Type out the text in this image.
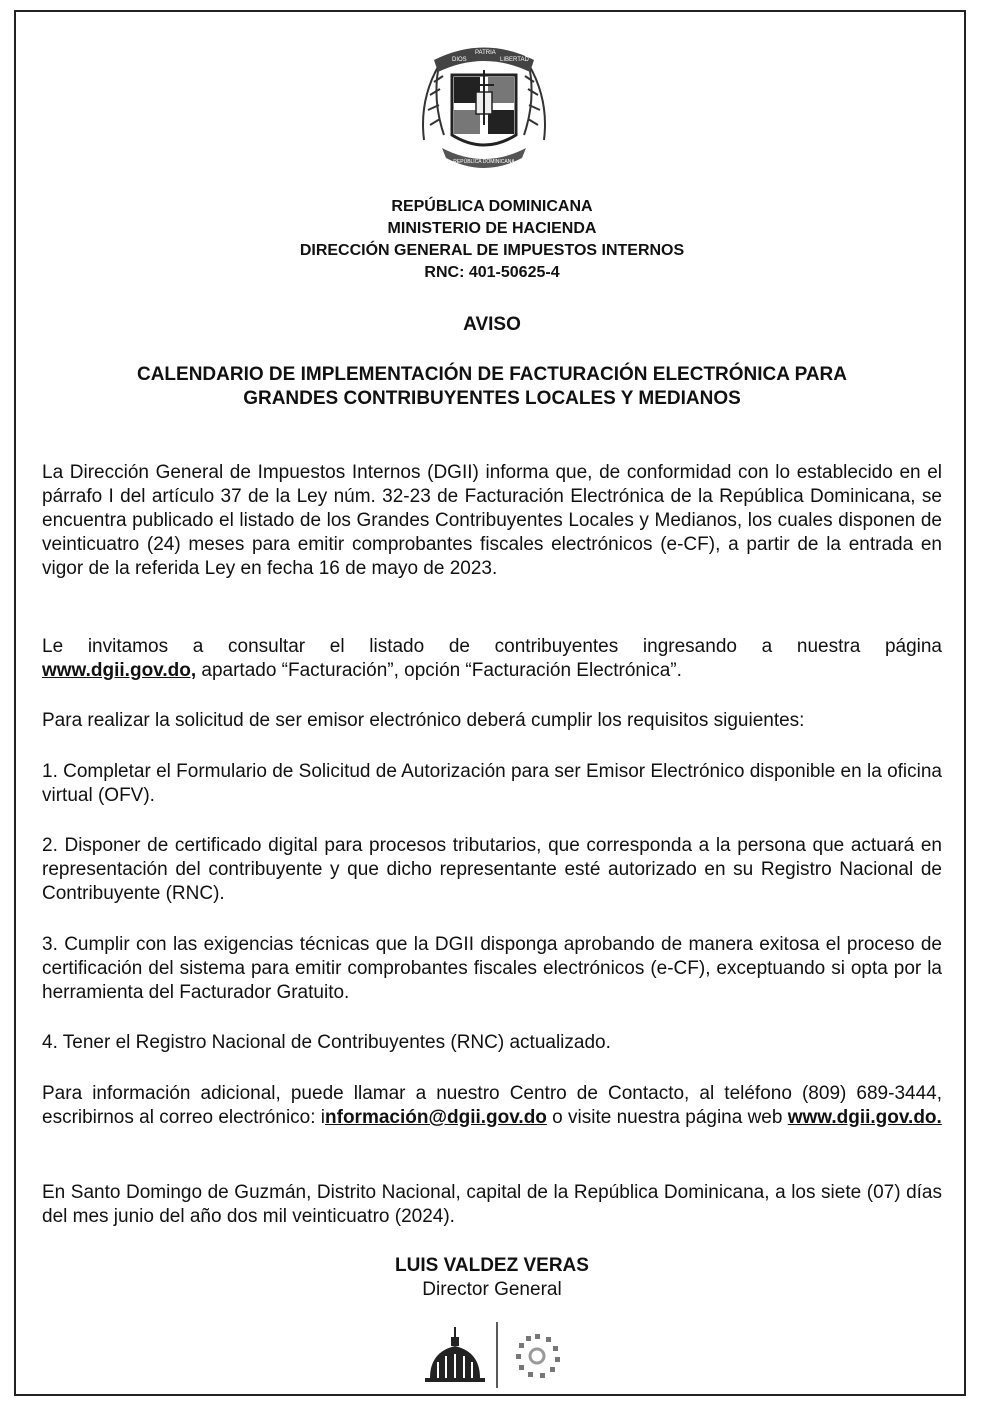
DIOS
PATRIA
LIBERTAD
REPÚBLICA DOMINICANA
REPÚBLICA DOMINICANA
MINISTERIO DE HACIENDA
DIRECCIÓN GENERAL DE IMPUESTOS INTERNOS
RNC: 401-50625-4
AVISO
CALENDARIO DE IMPLEMENTACIÓN DE FACTURACIÓN ELECTRÓNICA PARA
GRANDES CONTRIBUYENTES LOCALES Y MEDIANOS

La Dirección General de Impuestos Internos (DGII) informa que, de conformidad con lo establecido en el párrafo I del artículo 37 de la Ley núm. 32-23 de Facturación Electrónica de la República Dominicana, se encuentra publicado el listado de los Grandes Contribuyentes Locales y Medianos, los cuales disponen de veinticuatro (24) meses para emitir comprobantes fiscales electrónicos (e-CF), a partir de la entrada en vigor de la referida Ley en fecha 16 de mayo de 2023.

Le invitamos a consultar el listado de contribuyentes ingresando a nuestra página

www.dgii.gov.do, apartado “Facturación”, opción “Facturación Electrónica”.

Para realizar la solicitud de ser emisor electrónico deberá cumplir los requisitos siguientes:

1. Completar el Formulario de Solicitud de Autorización para ser Emisor Electrónico disponible en la oficina virtual (OFV).

2. Disponer de certificado digital para procesos tributarios, que corresponda a la persona que actuará en representación del contribuyente y que dicho representante esté autorizado en su Registro Nacional de Contribuyente (RNC).

3. Cumplir con las exigencias técnicas que la DGII disponga aprobando de manera exitosa el proceso de certificación del sistema para emitir comprobantes fiscales electrónicos (e-CF), exceptuando si opta por la herramienta del Facturador Gratuito.

4. Tener el Registro Nacional de Contribuyentes (RNC) actualizado.

Para información adicional, puede llamar a nuestro Centro de Contacto, al teléfono (809) 689-3444, escribirnos al correo electrónico: información@dgii.gov.do o visite nuestra página web www.dgii.gov.do.

En Santo Domingo de Guzmán, Distrito Nacional, capital de la República Dominicana, a los siete (07) días del mes junio del año dos mil veinticuatro (2024).

LUIS VALDEZ VERAS
Director General
